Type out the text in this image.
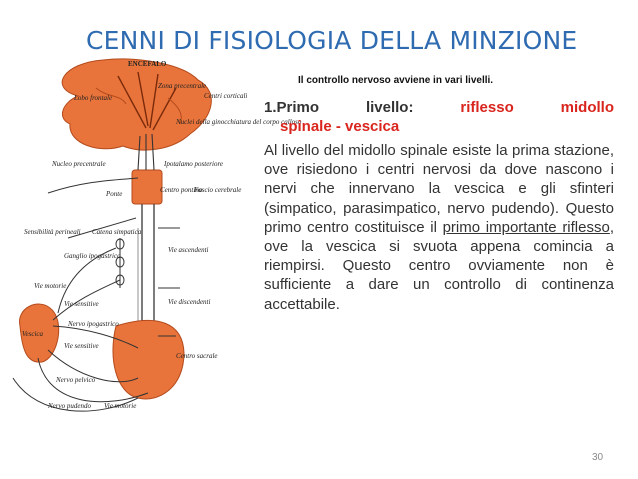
CENNI DI FISIOLOGIA DELLA MINZIONE
ENCEFALO
Lobo frontale
Zona precentrale
Centri corticali
Nuclei della ginocchiatura del corpo calloso
Nucleo precentrale	Ipotalamo posteriore
Ponte	Centro pontino
Fascio cerebrale
Sensibilità perineali Catena simpatica
Ganglio ipogastrico
Vie ascendenti
Vie motorie
Vie discendenti
Vie sensitive
Nervo ipogastrico
Vie sensitive
Vescica
Centro sacrale
Nervo pelvico
Nervo pudendo Vie motorie
Il controllo nervoso avviene in vari livelli.
1.Primo	livello:	riflesso	midollo
spinale - vescica
Al livello del midollo spinale esiste la prima stazione, ove risiedono i centri nervosi da dove nascono i nervi che innervano la vescica e gli sfinteri (simpatico, parasimpatico, nervo pudendo). Questo primo centro costituisce il primo importante riflesso, ove la vescica si svuota appena comincia a riempirsi. Questo centro ovviamente non è sufficiente a dare un controllo di continenza accettabile.
30
